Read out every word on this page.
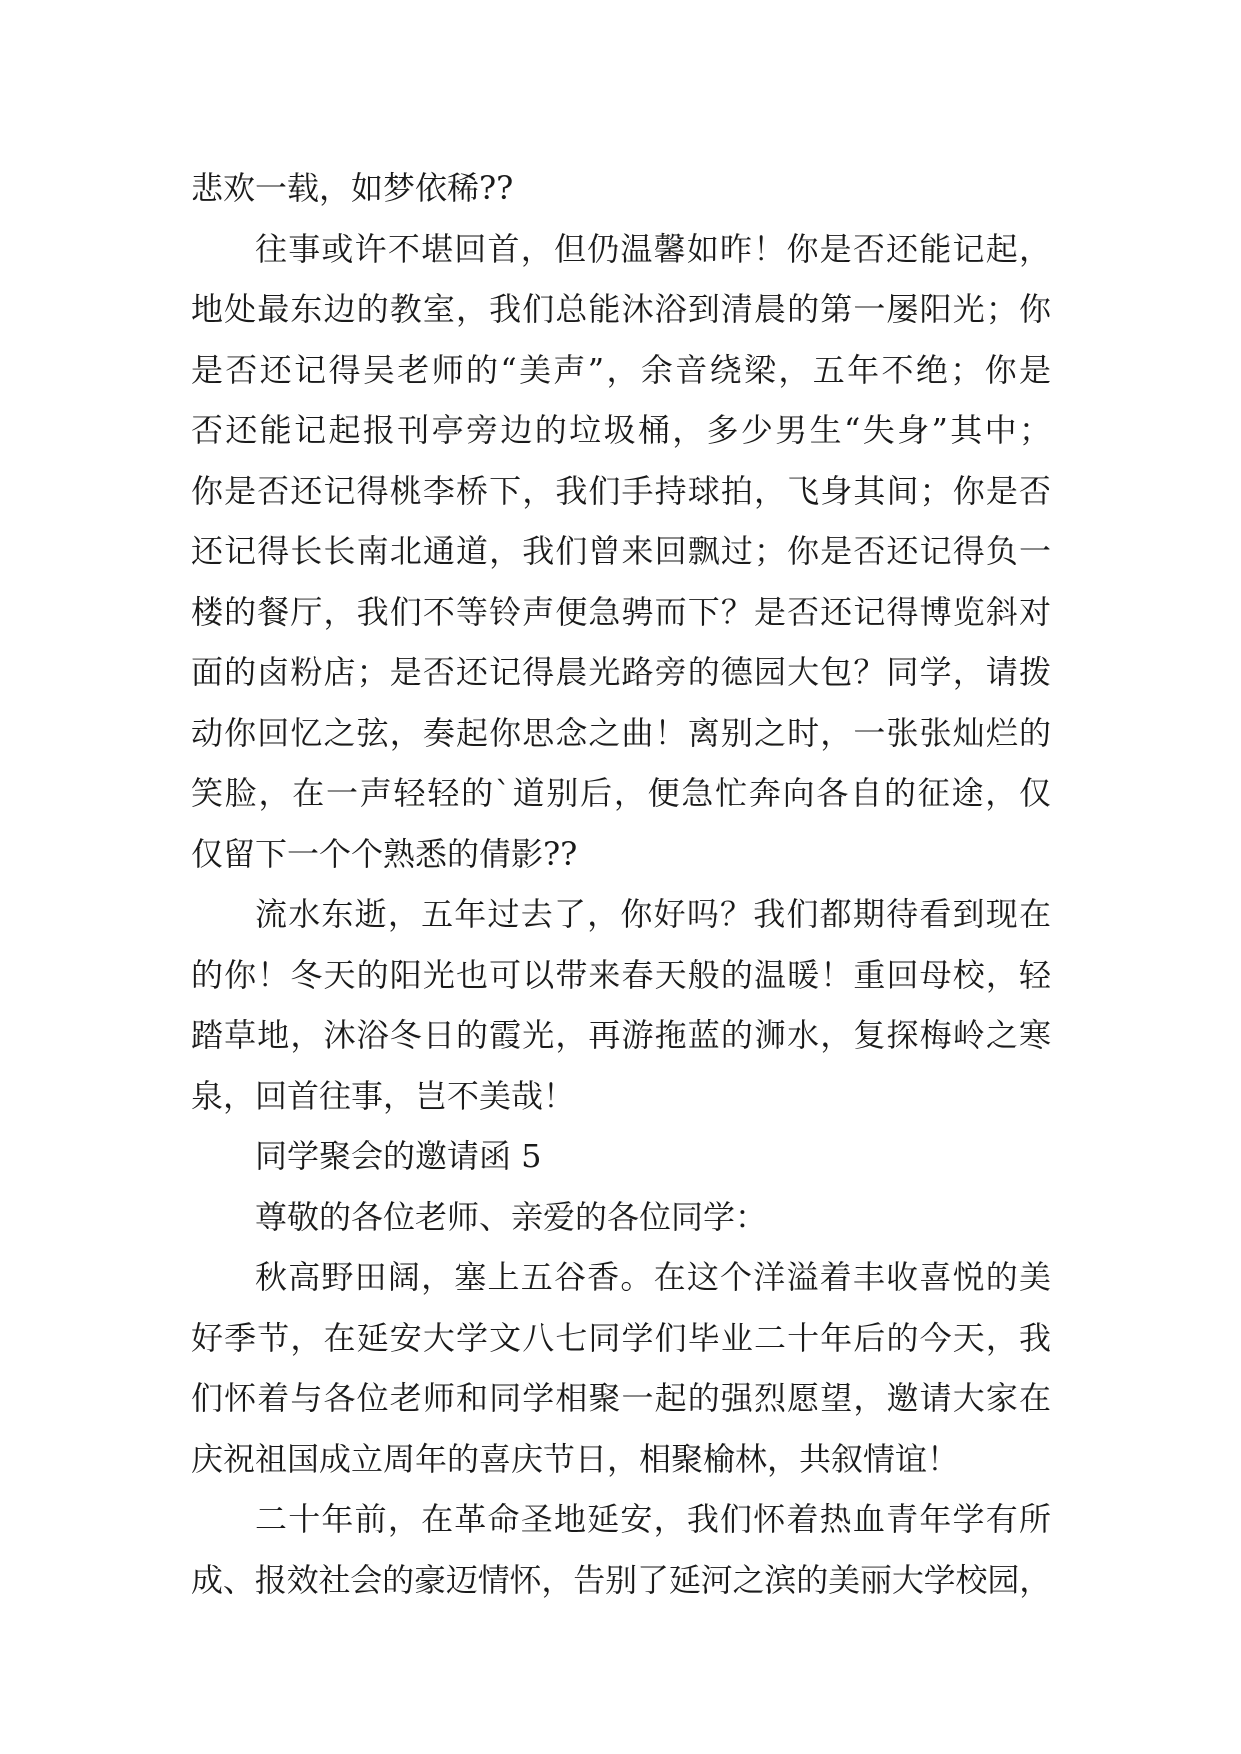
悲欢一载，如梦依稀??
往事或许不堪回首，但仍温馨如昨！你是否还能记起，
地处最东边的教室，我们总能沐浴到清晨的第一屡阳光；你
是否还记得吴老师的“美声”，余音绕梁，五年不绝；你是
否还能记起报刊亭旁边的垃圾桶，多少男生“失身”其中；
你是否还记得桃李桥下，我们手持球拍，飞身其间；你是否
还记得长长南北通道，我们曾来回飘过；你是否还记得负一
楼的餐厅，我们不等铃声便急骋而下？是否还记得博览斜对
面的卤粉店；是否还记得晨光路旁的德园大包？同学，请拨
动你回忆之弦，奏起你思念之曲！离别之时，一张张灿烂的
笑脸，在一声轻轻的`道别后，便急忙奔向各自的征途，仅
仅留下一个个熟悉的倩影??
流水东逝，五年过去了，你好吗？我们都期待看到现在
的你！冬天的阳光也可以带来春天般的温暖！重回母校，轻
踏草地，沐浴冬日的霞光，再游拖蓝的浉水，复探梅岭之寒
泉，回首往事，岂不美哉！
同学聚会的邀请函 5
尊敬的各位老师、亲爱的各位同学：
秋高野田阔，塞上五谷香。在这个洋溢着丰收喜悦的美
好季节，在延安大学文八七同学们毕业二十年后的今天，我
们怀着与各位老师和同学相聚一起的强烈愿望，邀请大家在
庆祝祖国成立周年的喜庆节日，相聚榆林，共叙情谊！
二十年前，在革命圣地延安，我们怀着热血青年学有所
成、报效社会的豪迈情怀，告别了延河之滨的美丽大学校园，
